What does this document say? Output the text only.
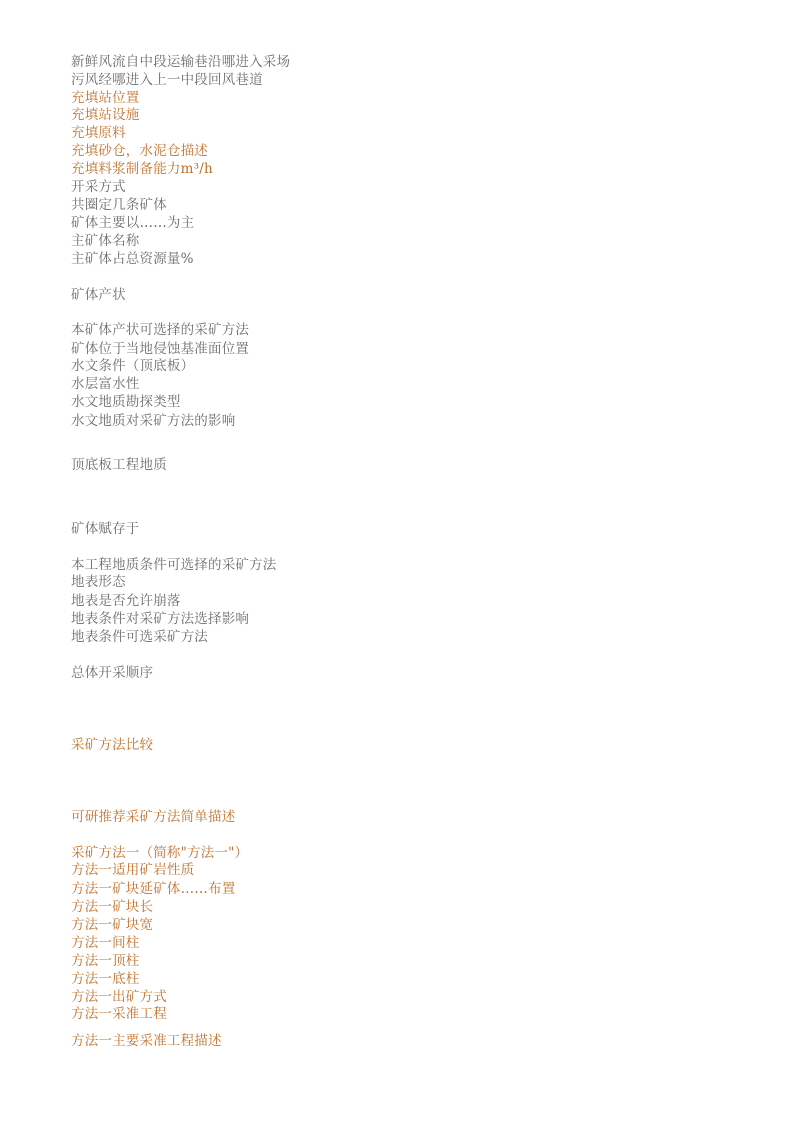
新鲜风流自中段运输巷沿哪进入采场

污风经哪进入上一中段回风巷道

充填站位置

充填站设施

充填原料

充填砂仓，水泥仓描述

充填料浆制备能力m³/h

开采方式

共圈定几条矿体

矿体主要以……为主

主矿体名称

主矿体占总资源量%

矿体产状

本矿体产状可选择的采矿方法

矿体位于当地侵蚀基准面位置

水文条件（顶底板）

水层富水性

水文地质勘探类型

水文地质对采矿方法的影响

顶底板工程地质

矿体赋存于

本工程地质条件可选择的采矿方法

地表形态

地表是否允许崩落

地表条件对采矿方法选择影响

地表条件可选采矿方法

总体开采顺序

采矿方法比较

可研推荐采矿方法简单描述

采矿方法一（简称"方法一"）

方法一适用矿岩性质

方法一矿块延矿体……布置

方法一矿块长

方法一矿块宽

方法一间柱

方法一顶柱

方法一底柱

方法一出矿方式

方法一采准工程

方法一主要采准工程描述
